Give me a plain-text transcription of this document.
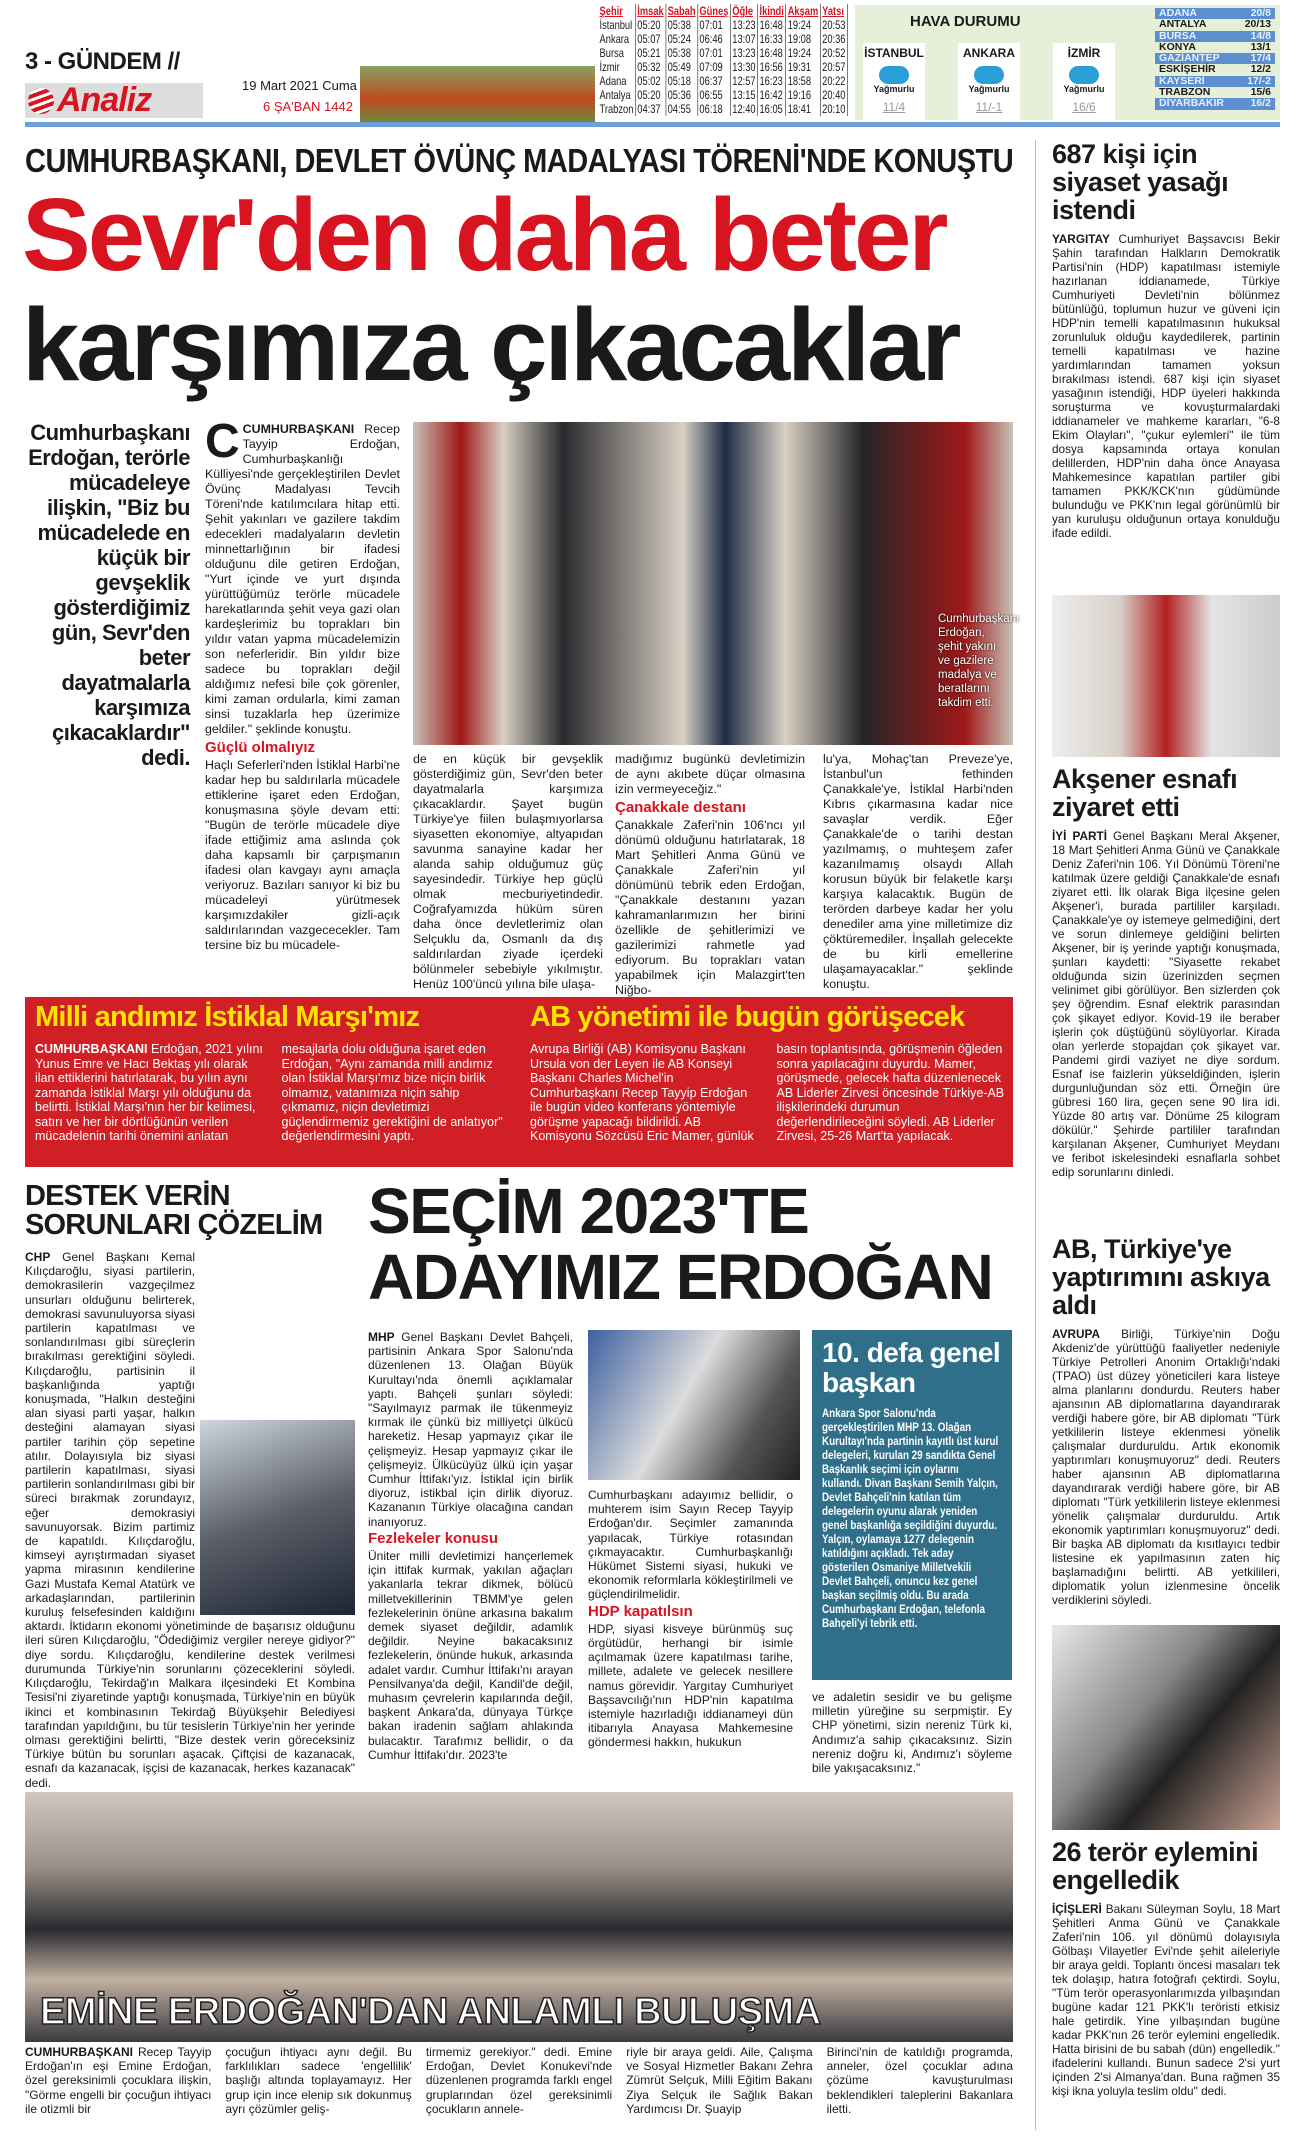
3 - GÜNDEM //
Analiz	19 Mart 2021 Cuma
6 ŞA'BAN 1442
Şehir	İmsak	Sabah	Güneş	Öğle	İkindi	Akşam	Yatsı
İstanbul	05:20	05:38	07:01	13:23	16:48	19:24	20:53
Ankara	05:07	05:24	06:46	13:07	16:33	19:08	20:36
Bursa	05:21	05:38	07:01	13:23	16:48	19:24	20:52
İzmir	05:32	05:49	07:09	13:30	16:56	19:31	20:57
Adana	05:02	05:18	06:37	12:57	16:23	18:58	20:22
Antalya	05:20	05:36	06:55	13:15	16:42	19:16	20:40
Trabzon	04:37	04:55	06:18	12:40	16:05	18:41	20:10
HAVA DURUMU
İSTANBUL
Yağmurlu
11/4
ANKARA
Yağmurlu
11/-1
İZMİR
Yağmurlu
16/6
ADANA	20/8
ANTALYA	20/13
BURSA	14/8
KONYA	13/1
GAZİANTEP	17/4
ESKİŞEHİR	12/2
KAYSERİ	17/-2
TRABZON	15/6
DİYARBAKIR	16/2
CUMHURBAŞKANI, DEVLET ÖVÜNÇ MADALYASI TÖRENİ'NDE KONUŞTU
Sevr'den daha beter
karşımıza çıkacaklar
Cumhurbaşkanı Erdoğan, terörle mücadeleye ilişkin, "Biz bu mücadelede en küçük bir gevşeklik gösterdiğimiz gün, Sevr'den beter dayatmalarla karşımıza çıkacaklardır" dedi.
CCUMHURBAŞKANI Recep Tayyip Erdoğan, Cumhurbaşkanlığı Külliyesi'nde gerçekleştirilen Devlet Övünç Madalyası Tevcih Töreni'nde katılımcılara hitap etti. Şehit yakınları ve gazilere takdim edecekleri madalyaların devletin minnettarlığının bir ifadesi olduğunu dile getiren Erdoğan, "Yurt içinde ve yurt dışında yürüttüğümüz terörle mücadele harekatlarında şehit veya gazi olan kardeşlerimiz bu toprakları bin yıldır vatan yapma mücadelemizin son neferleridir. Bin yıldır bize sadece bu toprakları değil aldığımız nefesi bile çok görenler, kimi zaman ordularla, kimi zaman sinsi tuzaklarla hep üzerimize geldiler." şeklinde konuştu.
Güçlü olmalıyız
Haçlı Seferleri'nden İstiklal Harbi'ne kadar hep bu saldırılarla mücadele ettiklerine işaret eden Erdoğan, konuşmasına şöyle devam etti: "Bugün de terörle mücadele diye ifade ettiğimiz ama aslında çok daha kapsamlı bir çarpışmanın ifadesi olan kavgayı aynı amaçla veriyoruz. Bazıları sanıyor ki biz bu mücadeleyi yürütmesek karşımızdakiler gizli-açık saldırılarından vazgececekler. Tam tersine biz bu mücadele-
Cumhurbaşkanı Erdoğan, şehit yakını ve gazilere madalya ve beratlarını takdim etti.
de en küçük bir gevşeklik gösterdiğimiz gün, Sevr'den beter dayatmalarla karşımıza çıkacaklardır. Şayet bugün Türkiye'ye fiilen bulaşmıyorlarsa siyasetten ekonomiye, altyapıdan savunma sanayine kadar her alanda sahip olduğumuz güç sayesindedir. Türkiye hep güçlü olmak mecburiyetindedir. Coğrafyamızda hüküm süren daha önce devletlerimiz olan Selçuklu da, Osmanlı da dış saldırılardan ziyade içerdeki bölünmeler sebebiyle yıkılmıştır. Henüz 100'üncü yılına bile ulaşa-
madığımız bugünkü devletimizin de aynı akıbete düçar olmasına izin vermeyeceğiz."
Çanakkale destanı
Çanakkale Zaferi'nin 106'ncı yıl dönümü olduğunu hatırlatarak, 18 Mart Şehitleri Anma Günü ve Çanakkale Zaferi'nin yıl dönümünü tebrik eden Erdoğan, "Çanakkale destanını yazan kahramanlarımızın her birini özellikle de şehitlerimizi ve gazilerimizi rahmetle yad ediyorum. Bu toprakları vatan yapabilmek için Malazgirt'ten Niğbo-
lu'ya, Mohaç'tan Preveze'ye, İstanbul'un fethinden Çanakkale'ye, İstiklal Harbi'nden Kıbrıs çıkarmasına kadar nice savaşlar verdik. Eğer Çanakkale'de o tarihi destan yazılmamış, o muhteşem zafer kazanılmamış olsaydı Allah korusun büyük bir felaketle karşı karşıya kalacaktık. Bugün de terörden darbeye kadar her yolu denediler ama yine milletimize diz çöktüremediler. İnşallah gelecekte de bu kirli emellerine ulaşamayacaklar." şeklinde konuştu.
Milli andımız İstiklal Marşı'mız
CUMHURBAŞKANI Erdoğan, 2021 yılını Yunus Emre ve Hacı Bektaş yılı olarak ilan ettiklerini hatırlatarak, bu yılın aynı zamanda İstiklal Marşı yılı olduğunu da belirtti. İstiklal Marşı'nın her bir kelimesi, satırı ve her bir dörtlüğünün verilen mücadelenin tarihi önemini anlatan mesajlarla dolu olduğuna işaret eden Erdoğan, "Aynı zamanda milli andımız olan İstiklal Marşı'mız bize niçin birlik olmamız, vatanımıza niçin sahip çıkmamız, niçin devletimizi güçlendirmemiz gerektiğini de anlatıyor" değerlendirmesini yaptı.
AB yönetimi ile bugün görüşecek
Avrupa Birliği (AB) Komisyonu Başkanı Ursula von der Leyen ile AB Konseyi Başkanı Charles Michel'in Cumhurbaşkanı Recep Tayyip Erdoğan ile bugün video konferans yöntemiyle görüşme yapacağı bildirildi. AB Komisyonu Sözcüsü Eric Mamer, günlük basın toplantısında, görüşmenin öğleden sonra yapılacağını duyurdu. Mamer, görüşmede, gelecek hafta düzenlenecek AB Liderler Zirvesi öncesinde Türkiye-AB ilişkilerindeki durumun değerlendirileceğini söyledi. AB Liderler Zirvesi, 25-26 Mart'ta yapılacak.
DESTEK VERİN SORUNLARI ÇÖZELİM
CHP Genel Başkanı Kemal Kılıçdaroğlu, siyasi partilerin, demokrasilerin vazgeçilmez unsurları olduğunu belirterek, demokrasi savunuluyorsa siyasi partilerin kapatılması ve sonlandırılması gibi süreçlerin bırakılması gerektiğini söyledi. Kılıçdaroğlu, partisinin il başkanlığında yaptığı konuşmada, "Halkın desteğini alan siyasi parti yaşar, halkın desteğini alamayan siyasi partiler tarihin çöp sepetine atılır. Dolayısıyla biz siyasi partilerin kapatılması, siyasi partilerin sonlandırılması gibi bir süreci bırakmak zorundayız, eğer demokrasiyi savunuyorsak. Bizim partimiz de kapatıldı. Kılıçdaroğlu, kimseyi ayrıştırmadan siyaset yapma mirasının kendilerine Gazi Mustafa Kemal Atatürk ve arkadaşlarından, partilerinin kuruluş felsefesinden kaldığını aktardı. İktidarın ekonomi yönetiminde de başarısız olduğunu ileri süren Kılıçdaroğlu, "Ödediğimiz vergiler nereye gidiyor?" diye sordu. Kılıçdaroğlu, kendilerine destek verilmesi durumunda Türkiye'nin sorunlarını çözeceklerini söyledi. Kılıçdaroğlu, Tekirdağ'ın Malkara ilçesindeki Et Kombina Tesisi'ni ziyaretinde yaptığı konuşmada, Türkiye'nin en büyük ikinci et kombinasının Tekirdağ Büyükşehir Belediyesi tarafından yapıldığını, bu tür tesislerin Türkiye'nin her yerinde olması gerektiğini belirtti, "Bize destek verin göreceksiniz Türkiye bütün bu sorunları aşacak. Çiftçisi de kazanacak, esnafı da kazanacak, işçisi de kazanacak, herkes kazanacak" dedi.
SEÇİM 2023'TE ADAYIMIZ ERDOĞAN
MHP Genel Başkanı Devlet Bahçeli, partisinin Ankara Spor Salonu'nda düzenlenen 13. Olağan Büyük Kurultayı'nda önemli açıklamalar yaptı. Bahçeli şunları söyledi: "Sayılmayız parmak ile tükenmeyiz kırmak ile çünkü biz milliyetçi ülkücü hareketiz. Hesap yapmayız çıkar ile çelişmeyiz. Hesap yapmayız çıkar ile çelişmeyiz. Ülkücüyüz ülkü için yaşar Cumhur İttifakı'yız. İstiklal için birlik diyoruz, istikbal için dirlik diyoruz. Kazananın Türkiye olacağına candan inanıyoruz.
Fezlekeler konusu
Üniter milli devletimizi hançerlemek için ittifak kurmak, yakılan ağaçları yakanlarla tekrar dikmek, bölücü milletvekillerinin TBMM'ye gelen fezlekelerinin önüne arkasına bakalım demek siyaset değildir, adamlık değildir. Neyine bakacaksınız fezlekelerin, önünde hukuk, arkasında adalet vardır. Cumhur İttifakı'nı arayan Pensilvanya'da değil, Kandil'de değil, muhasım çevrelerin kapılarında değil, başkent Ankara'da, dünyaya Türkçe bakan iradenin sağlam ahlakında bulacaktır. Tarafımız bellidir, o da Cumhur İttifakı'dır. 2023'te
Cumhurbaşkanı adayımız bellidir, o muhterem isim Sayın Recep Tayyip Erdoğan'dır. Seçimler zamanında yapılacak, Türkiye rotasından çıkmayacaktır. Cumhurbaşkanlığı Hükümet Sistemi siyasi, hukuki ve ekonomik reformlarla kökleştirilmeli ve güçlendirilmelidir.
HDP kapatılsın
HDP, siyasi kisveye bürünmüş suç örgütüdür, herhangi bir isimle açılmamak üzere kapatılması tarihe, millete, adalete ve gelecek nesillere namus görevidir. Yargıtay Cumhuriyet Başsavcılığı'nın HDP'nin kapatılma istemiyle hazırladığı iddianameyi dün itibarıyla Anayasa Mahkemesine göndermesi hakkın, hukukun
10. defa genel başkan
Ankara Spor Salonu'nda gerçekleştirilen MHP 13. Olağan Kurultayı'nda partinin kayıtlı üst kurul delegeleri, kurulan 29 sandıkta Genel Başkanlık seçimi için oylarını kullandı. Divan Başkanı Semih Yalçın, Devlet Bahçeli'nin katılan tüm delegelerin oyunu alarak yeniden genel başkanlığa seçildiğini duyurdu. Yalçın, oylamaya 1277 delegenin katıldığını açıkladı. Tek aday gösterilen Osmaniye Milletvekili Devlet Bahçeli, onuncu kez genel başkan seçilmiş oldu. Bu arada Cumhurbaşkanı Erdoğan, telefonla Bahçeli'yi tebrik etti.
ve adaletin sesidir ve bu gelişme milletin yüreğine su serpmiştir. Ey CHP yönetimi, sizin nereniz Türk ki, Andımız'a sahip çıkacaksınız. Sizin nereniz doğru ki, Andımız'ı söyleme bile yakışacaksınız."
EMİNE ERDOĞAN'DAN ANLAMLI BULUŞMA
CUMHURBAŞKANI Recep Tayyip Erdoğan'ın eşi Emine Erdoğan, özel gereksinimli çocuklara ilişkin, "Görme engelli bir çocuğun ihtiyacı ile otizmli bir
çocuğun ihtiyacı aynı değil. Bu farklılıkları sadece 'engellilik' başlığı altında toplayamayız. Her grup için ince elenip sık dokunmuş ayrı çözümler geliş-
tirmemiz gerekiyor." dedi. Emine Erdoğan, Devlet Konukevi'nde düzenlenen programda farklı engel gruplarından özel gereksinimli çocukların annele-
riyle bir araya geldi. Aile, Çalışma ve Sosyal Hizmetler Bakanı Zehra Zümrüt Selçuk, Milli Eğitim Bakanı Ziya Selçuk ile Sağlık Bakan Yardımcısı Dr. Şuayip
Birinci'nin de katıldığı programda, anneler, özel çocuklar adına çözüme kavuşturulması beklendikleri taleplerini Bakanlara iletti.
687 kişi için siyaset yasağı istendi
YARGITAY Cumhuriyet Başsavcısı Bekir Şahin tarafından Halkların Demokratik Partisi'nin (HDP) kapatılması istemiyle hazırlanan iddianamede, Türkiye Cumhuriyeti Devleti'nin bölünmez bütünlüğü, toplumun huzur ve güveni için HDP'nin temelli kapatılmasının hukuksal zorunluluk olduğu kaydedilerek, partinin temelli kapatılması ve hazine yardımlarından tamamen yoksun bırakılması istendi. 687 kişi için siyaset yasağının istendiği, HDP üyeleri hakkında soruşturma ve kovuşturmalardaki iddianameler ve mahkeme kararları, "6-8 Ekim Olayları", "çukur eylemleri" ile tüm dosya kapsamında ortaya konulan delillerden, HDP'nin daha önce Anayasa Mahkemesince kapatılan partiler gibi tamamen PKK/KCK'nın güdümünde bulunduğu ve PKK'nın legal görünümlü bir yan kuruluşu olduğunun ortaya konulduğu ifade edildi.
Akşener esnafı ziyaret etti
İYİ PARTİ Genel Başkanı Meral Akşener, 18 Mart Şehitleri Anma Günü ve Çanakkale Deniz Zaferi'nin 106. Yıl Dönümü Töreni'ne katılmak üzere geldiği Çanakkale'de esnafı ziyaret etti. İlk olarak Biga ilçesine gelen Akşener'i, burada partililer karşıladı. Çanakkale'ye oy istemeye gelmediğini, dert ve sorun dinlemeye geldiğini belirten Akşener, bir iş yerinde yaptığı konuşmada, şunları kaydetti: "Siyasette rekabet olduğunda sizin üzerinizden seçmen velinimet gibi görülüyor. Ben sizlerden çok şey öğrendim. Esnaf elektrik parasından çok şikayet ediyor. Kovid-19 ile beraber işlerin çok düştüğünü söylüyorlar. Kirada olan yerlerde stopajdan çok şikayet var. Pandemi girdi vaziyet ne diye sordum. Esnaf ise faizlerin yükseldiğinden, işlerin durgunluğundan söz etti. Örneğin üre gübresi 160 lira, geçen sene 90 lira idi. Yüzde 80 artış var. Dönüme 25 kilogram dökülür." Şehirde partililer tarafından karşılanan Akşener, Cumhuriyet Meydanı ve feribot iskelesindeki esnaflarla sohbet edip sorunlarını dinledi.
AB, Türkiye'ye yaptırımını askıya aldı
AVRUPA Birliği, Türkiye'nin Doğu Akdeniz'de yürüttüğü faaliyetler nedeniyle Türkiye Petrolleri Anonim Ortaklığı'ndaki (TPAO) üst düzey yöneticileri kara listeye alma planlarını dondurdu. Reuters haber ajansının AB diplomatlarına dayandırarak verdiği habere göre, bir AB diplomatı "Türk yetkililerin listeye eklenmesi yönelik çalışmalar durduruldu. Artık ekonomik yaptırımları konuşmuyoruz" dedi. Reuters haber ajansının AB diplomatlarına dayandırarak verdiği habere göre, bir AB diplomatı "Türk yetkililerin listeye eklenmesi yönelik çalışmalar durduruldu. Artık ekonomik yaptırımları konuşmuyoruz" dedi. Bir başka AB diplomatı da kısıtlayıcı tedbir listesine ek yapılmasının zaten hiç başlamadığını belirtti. AB yetkilileri, diplomatik yolun izlenmesine öncelik verdiklerini söyledi.
26 terör eylemini engelledik
İÇİŞLERİ Bakanı Süleyman Soylu, 18 Mart Şehitleri Anma Günü ve Çanakkale Zaferi'nin 106. yıl dönümü dolayısıyla Gölbaşı Vilayetler Evi'nde şehit aileleriyle bir araya geldi. Toplantı öncesi masaları tek tek dolaşıp, hatıra fotoğrafı çektirdi. Soylu, "Tüm terör operasyonlarımızda yılbaşından bugüne kadar 121 PKK'lı teröristi etkisiz hale getirdik. Yine yılbaşından bugüne kadar PKK'nın 26 terör eylemini engelledik. Hatta birisini de bu sabah (dün) engelledik." ifadelerini kullandı. Bunun sadece 2'si yurt içinden 2'si Almanya'dan. Buna rağmen 35 kişi ikna yoluyla teslim oldu" dedi.
